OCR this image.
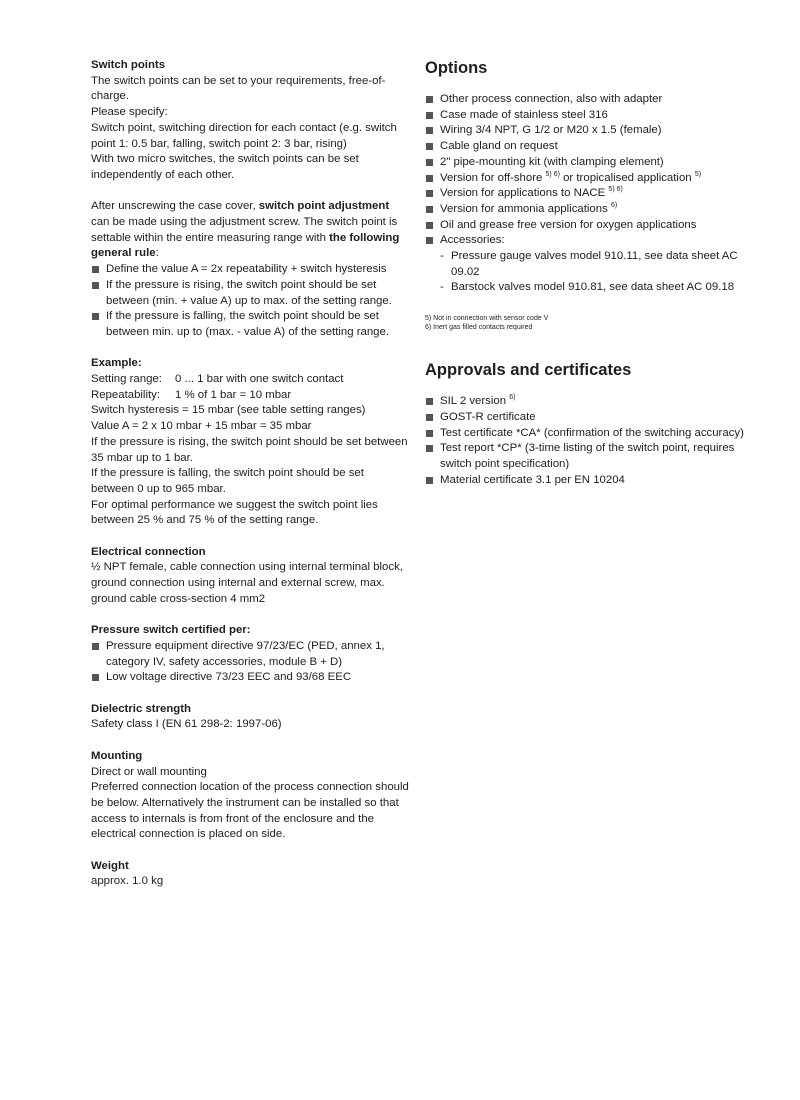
Switch points

The switch points can be set to your requirements, free-of-charge.

Please specify:

Switch point, switching direction for each contact (e.g. switch point 1: 0.5 bar, falling, switch point 2: 3 bar, rising)

With two micro switches, the switch points can be set independently of each other.

After unscrewing the case cover, switch point adjustment can be made using the adjustment screw. The switch point is settable within the entire measuring range with the following general rule:

Define the value A = 2x repeatability + switch hysteresis
If the pressure is rising, the switch point should be set between (min. + value A) up to max. of the setting range.
If the pressure is falling, the switch point should be set between min. up to (max. - value A) of the setting range.
Example:

Setting range: 0 ... 1 bar with one switch contact

Repeatability: 1 % of 1 bar = 10 mbar

Switch hysteresis = 15 mbar (see table setting ranges)

Value A = 2 x 10 mbar + 15 mbar = 35 mbar

If the pressure is rising, the switch point should be set between 35 mbar up to 1 bar.

If the pressure is falling, the switch point should be set between 0 up to 965 mbar.

For optimal performance we suggest the switch point lies between 25 % and 75 % of the setting range.

Electrical connection

½ NPT female, cable connection using internal terminal block, ground connection using internal and external screw, max. ground cable cross-section 4 mm2

Pressure switch certified per:
Pressure equipment directive 97/23/EC (PED, annex 1, category IV, safety accessories, module B + D)
Low voltage directive 73/23 EEC and 93/68 EEC
Dielectric strength

Safety class I (EN 61 298-2: 1997-06)

Mounting

Direct or wall mounting

Preferred connection location of the process connection should be below. Alternatively the instrument can be installed so that access to internals is from front of the enclosure and the electrical connection is placed on side.

Weight

approx. 1.0 kg

Options
Other process connection, also with adapter
Case made of stainless steel 316
Wiring 3/4 NPT, G 1/2 or M20 x 1.5 (female)
Cable gland on request
2" pipe-mounting kit (with clamping element)
Version for off-shore $^{5) 6)}$ or tropicalised application $^{5)}$
Version for applications to NACE $^{5) 6)}$
Version for ammonia applications $^{6)}$
Oil and grease free version for oxygen applications
Accessories:
- Pressure gauge valves model 910.11, see data sheet AC 09.02
- Barstock valves model 910.81, see data sheet AC 09.18
5) Not in connection with sensor code V
6) Inert gas filled contacts required
Approvals and certificates
SIL 2 version $^{6)}$
GOST-R certificate
Test certificate *CA* (confirmation of the switching accuracy)
Test report *CP* (3-time listing of the switch point, requires switch point specification)
Material certificate 3.1 per EN 10204
